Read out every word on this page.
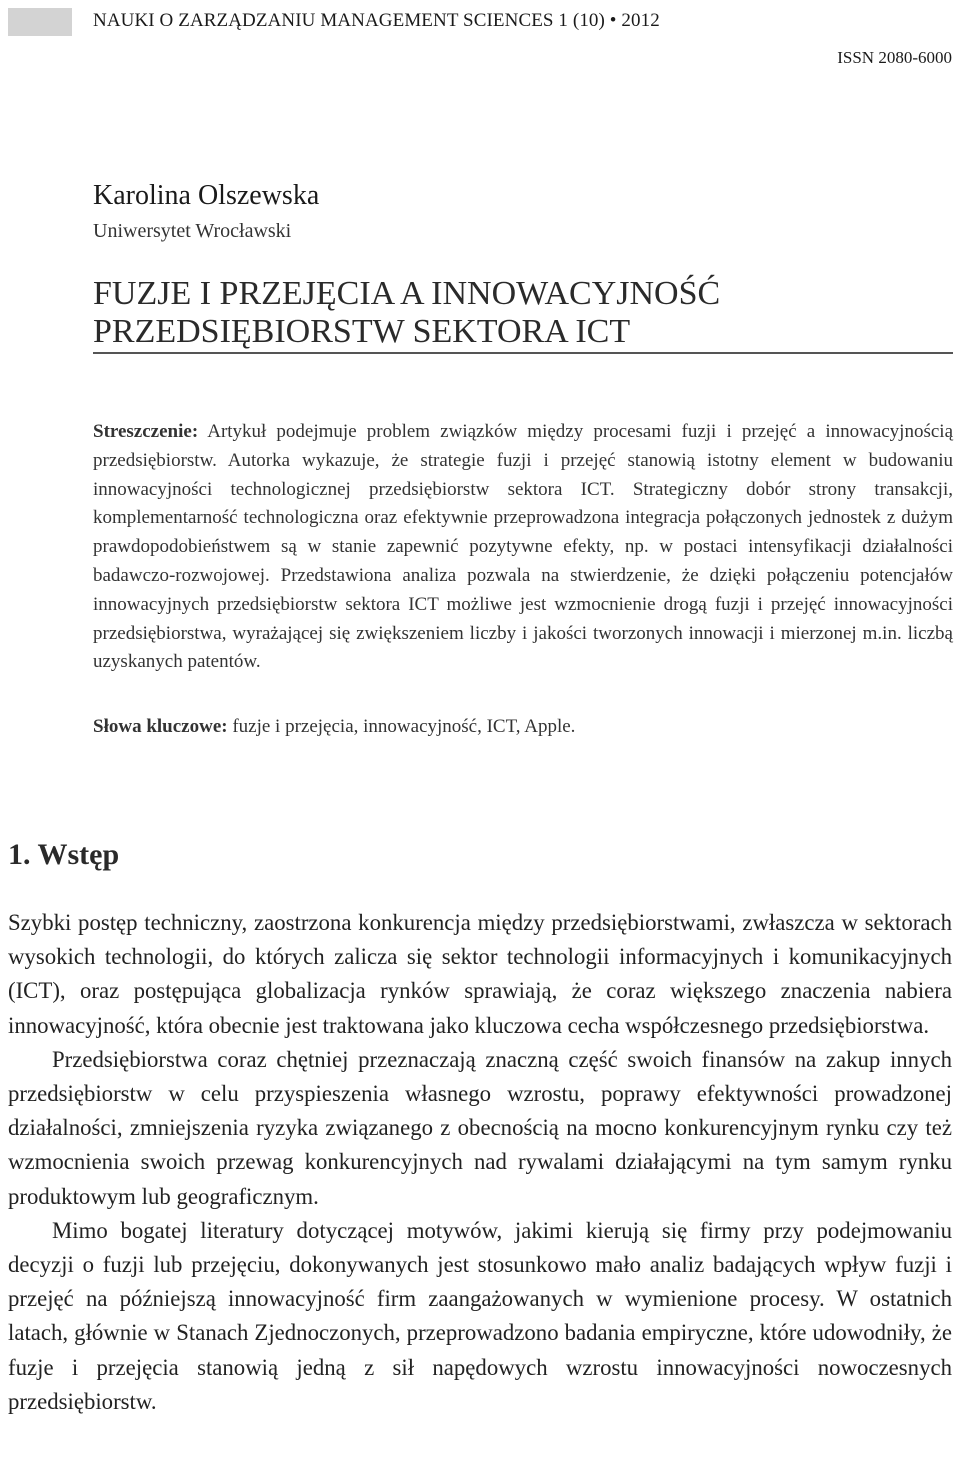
NAUKI O ZARZĄDZANIU MANAGEMENT SCIENCES 1 (10) • 2012
ISSN 2080-6000
Karolina Olszewska
Uniwersytet Wrocławski
FUZJE I PRZEJĘCIA A INNOWACYJNOŚĆ
PRZEDSIĘBIORSTW SEKTORA ICT
Streszczenie: Artykuł podejmuje problem związków między procesami fuzji i przejęć a innowacyjnością przedsiębiorstw. Autorka wykazuje, że strategie fuzji i przejęć stanowią istotny element w budowaniu innowacyjności technologicznej przedsiębiorstw sektora ICT. Strategiczny dobór strony transakcji, komplementarność technologiczna oraz efektywnie przeprowadzona integracja połączonych jednostek z dużym prawdopodobieństwem są w stanie zapewnić pozytywne efekty, np. w postaci intensyfikacji działalności badawczo-rozwojowej. Przedstawiona analiza pozwala na stwierdzenie, że dzięki połączeniu potencjałów innowacyjnych przedsiębiorstw sektora ICT możliwe jest wzmocnienie drogą fuzji i przejęć innowacyjności przedsiębiorstwa, wyrażającej się zwiększeniem liczby i jakości tworzonych innowacji i mierzonej m.in. liczbą uzyskanych patentów.
Słowa kluczowe: fuzje i przejęcia, innowacyjność, ICT, Apple.
1. Wstęp

Szybki postęp techniczny, zaostrzona konkurencja między przedsiębiorstwami, zwłaszcza w sektorach wysokich technologii, do których zalicza się sektor technologii informacyjnych i komunikacyjnych (ICT), oraz postępująca globalizacja rynków sprawiają, że coraz większego znaczenia nabiera innowacyjność, która obecnie jest traktowana jako kluczowa cecha współczesnego przedsiębiorstwa.

Przedsiębiorstwa coraz chętniej przeznaczają znaczną część swoich finansów na zakup innych przedsiębiorstw w celu przyspieszenia własnego wzrostu, poprawy efektywności prowadzonej działalności, zmniejszenia ryzyka związanego z obecnością na mocno konkurencyjnym rynku czy też wzmocnienia swoich przewag konkurencyjnych nad rywalami działającymi na tym samym rynku produktowym lub geograficznym.

Mimo bogatej literatury dotyczącej motywów, jakimi kierują się firmy przy podejmowaniu decyzji o fuzji lub przejęciu, dokonywanych jest stosunkowo mało analiz badających wpływ fuzji i przejęć na późniejszą innowacyjność firm zaangażowanych w wymienione procesy. W ostatnich latach, głównie w Stanach Zjednoczonych, przeprowadzono badania empiryczne, które udowodniły, że fuzje i przejęcia stanowią jedną z sił napędowych wzrostu innowacyjności nowoczesnych przedsiębiorstw.
